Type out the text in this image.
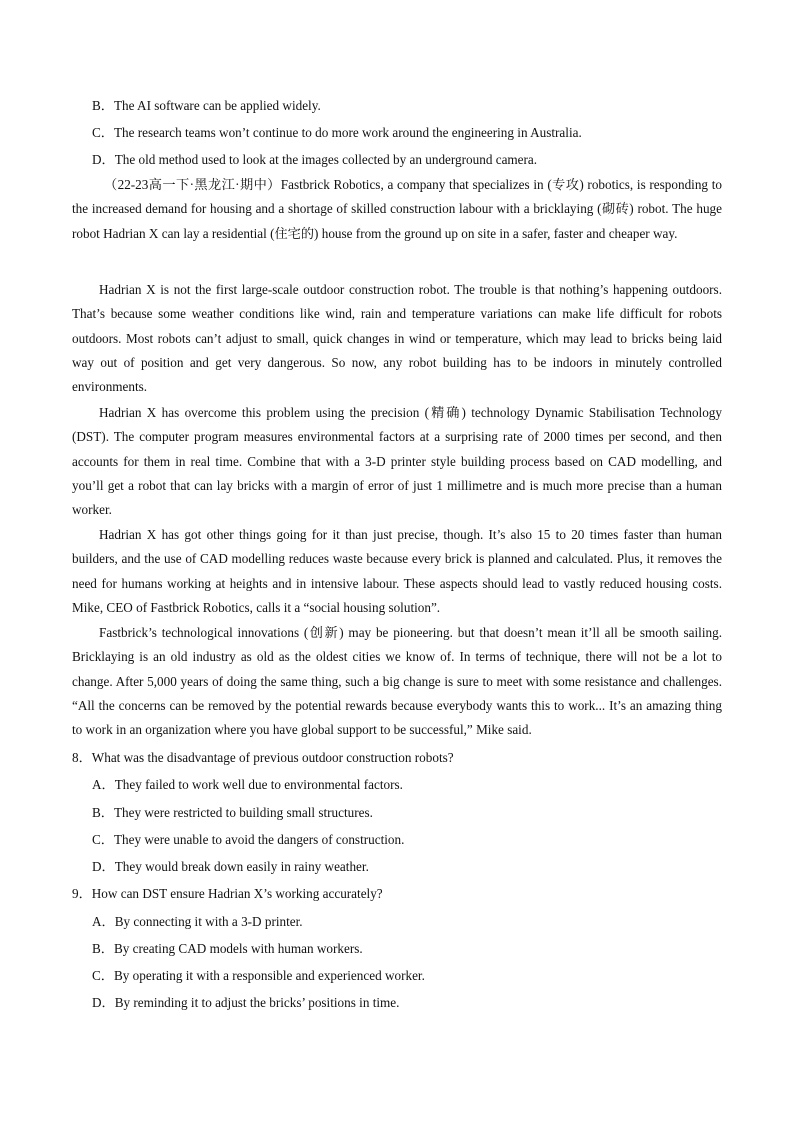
B．The AI software can be applied widely.
C．The research teams won’t continue to do more work around the engineering in Australia.
D．The old method used to look at the images collected by an underground camera.

（22-23高一下·黑龙江·期中）Fastbrick Robotics, a company that specializes in (专攻) robotics, is responding to the increased demand for housing and a shortage of skilled construction labour with a bricklaying (砌砖) robot. The huge robot Hadrian X can lay a residential (住宅的) house from the ground up on site in a safer, faster and cheaper way.

Hadrian X is not the first large-scale outdoor construction robot. The trouble is that nothing’s happening outdoors. That’s because some weather conditions like wind, rain and temperature variations can make life difficult for robots outdoors. Most robots can’t adjust to small, quick changes in wind or temperature, which may lead to bricks being laid way out of position and get very dangerous. So now, any robot building has to be indoors in minutely controlled environments.

Hadrian X has overcome this problem using the precision (精确) technology Dynamic Stabilisation Technology (DST). The computer program measures environmental factors at a surprising rate of 2000 times per second, and then accounts for them in real time. Combine that with a 3-D printer style building process based on CAD modelling, and you’ll get a robot that can lay bricks with a margin of error of just 1 millimetre and is much more precise than a human worker.

Hadrian X has got other things going for it than just precise, though. It’s also 15 to 20 times faster than human builders, and the use of CAD modelling reduces waste because every brick is planned and calculated. Plus, it removes the need for humans working at heights and in intensive labour. These aspects should lead to vastly reduced housing costs. Mike, CEO of Fastbrick Robotics, calls it a “social housing solution”.

Fastbrick’s technological innovations (创新) may be pioneering. but that doesn’t mean it’ll all be smooth sailing. Bricklaying is an old industry as old as the oldest cities we know of. In terms of technique, there will not be a lot to change. After 5,000 years of doing the same thing, such a big change is sure to meet with some resistance and challenges. “All the concerns can be removed by the potential rewards because everybody wants this to work... It’s an amazing thing to work in an organization where you have global support to be successful,” Mike said.

8．What was the disadvantage of previous outdoor construction robots?
A．They failed to work well due to environmental factors.
B．They were restricted to building small structures.
C．They were unable to avoid the dangers of construction.
D．They would break down easily in rainy weather.
9．How can DST ensure Hadrian X’s working accurately?
A．By connecting it with a 3-D printer.
B．By creating CAD models with human workers.
C．By operating it with a responsible and experienced worker.
D．By reminding it to adjust the bricks’ positions in time.
